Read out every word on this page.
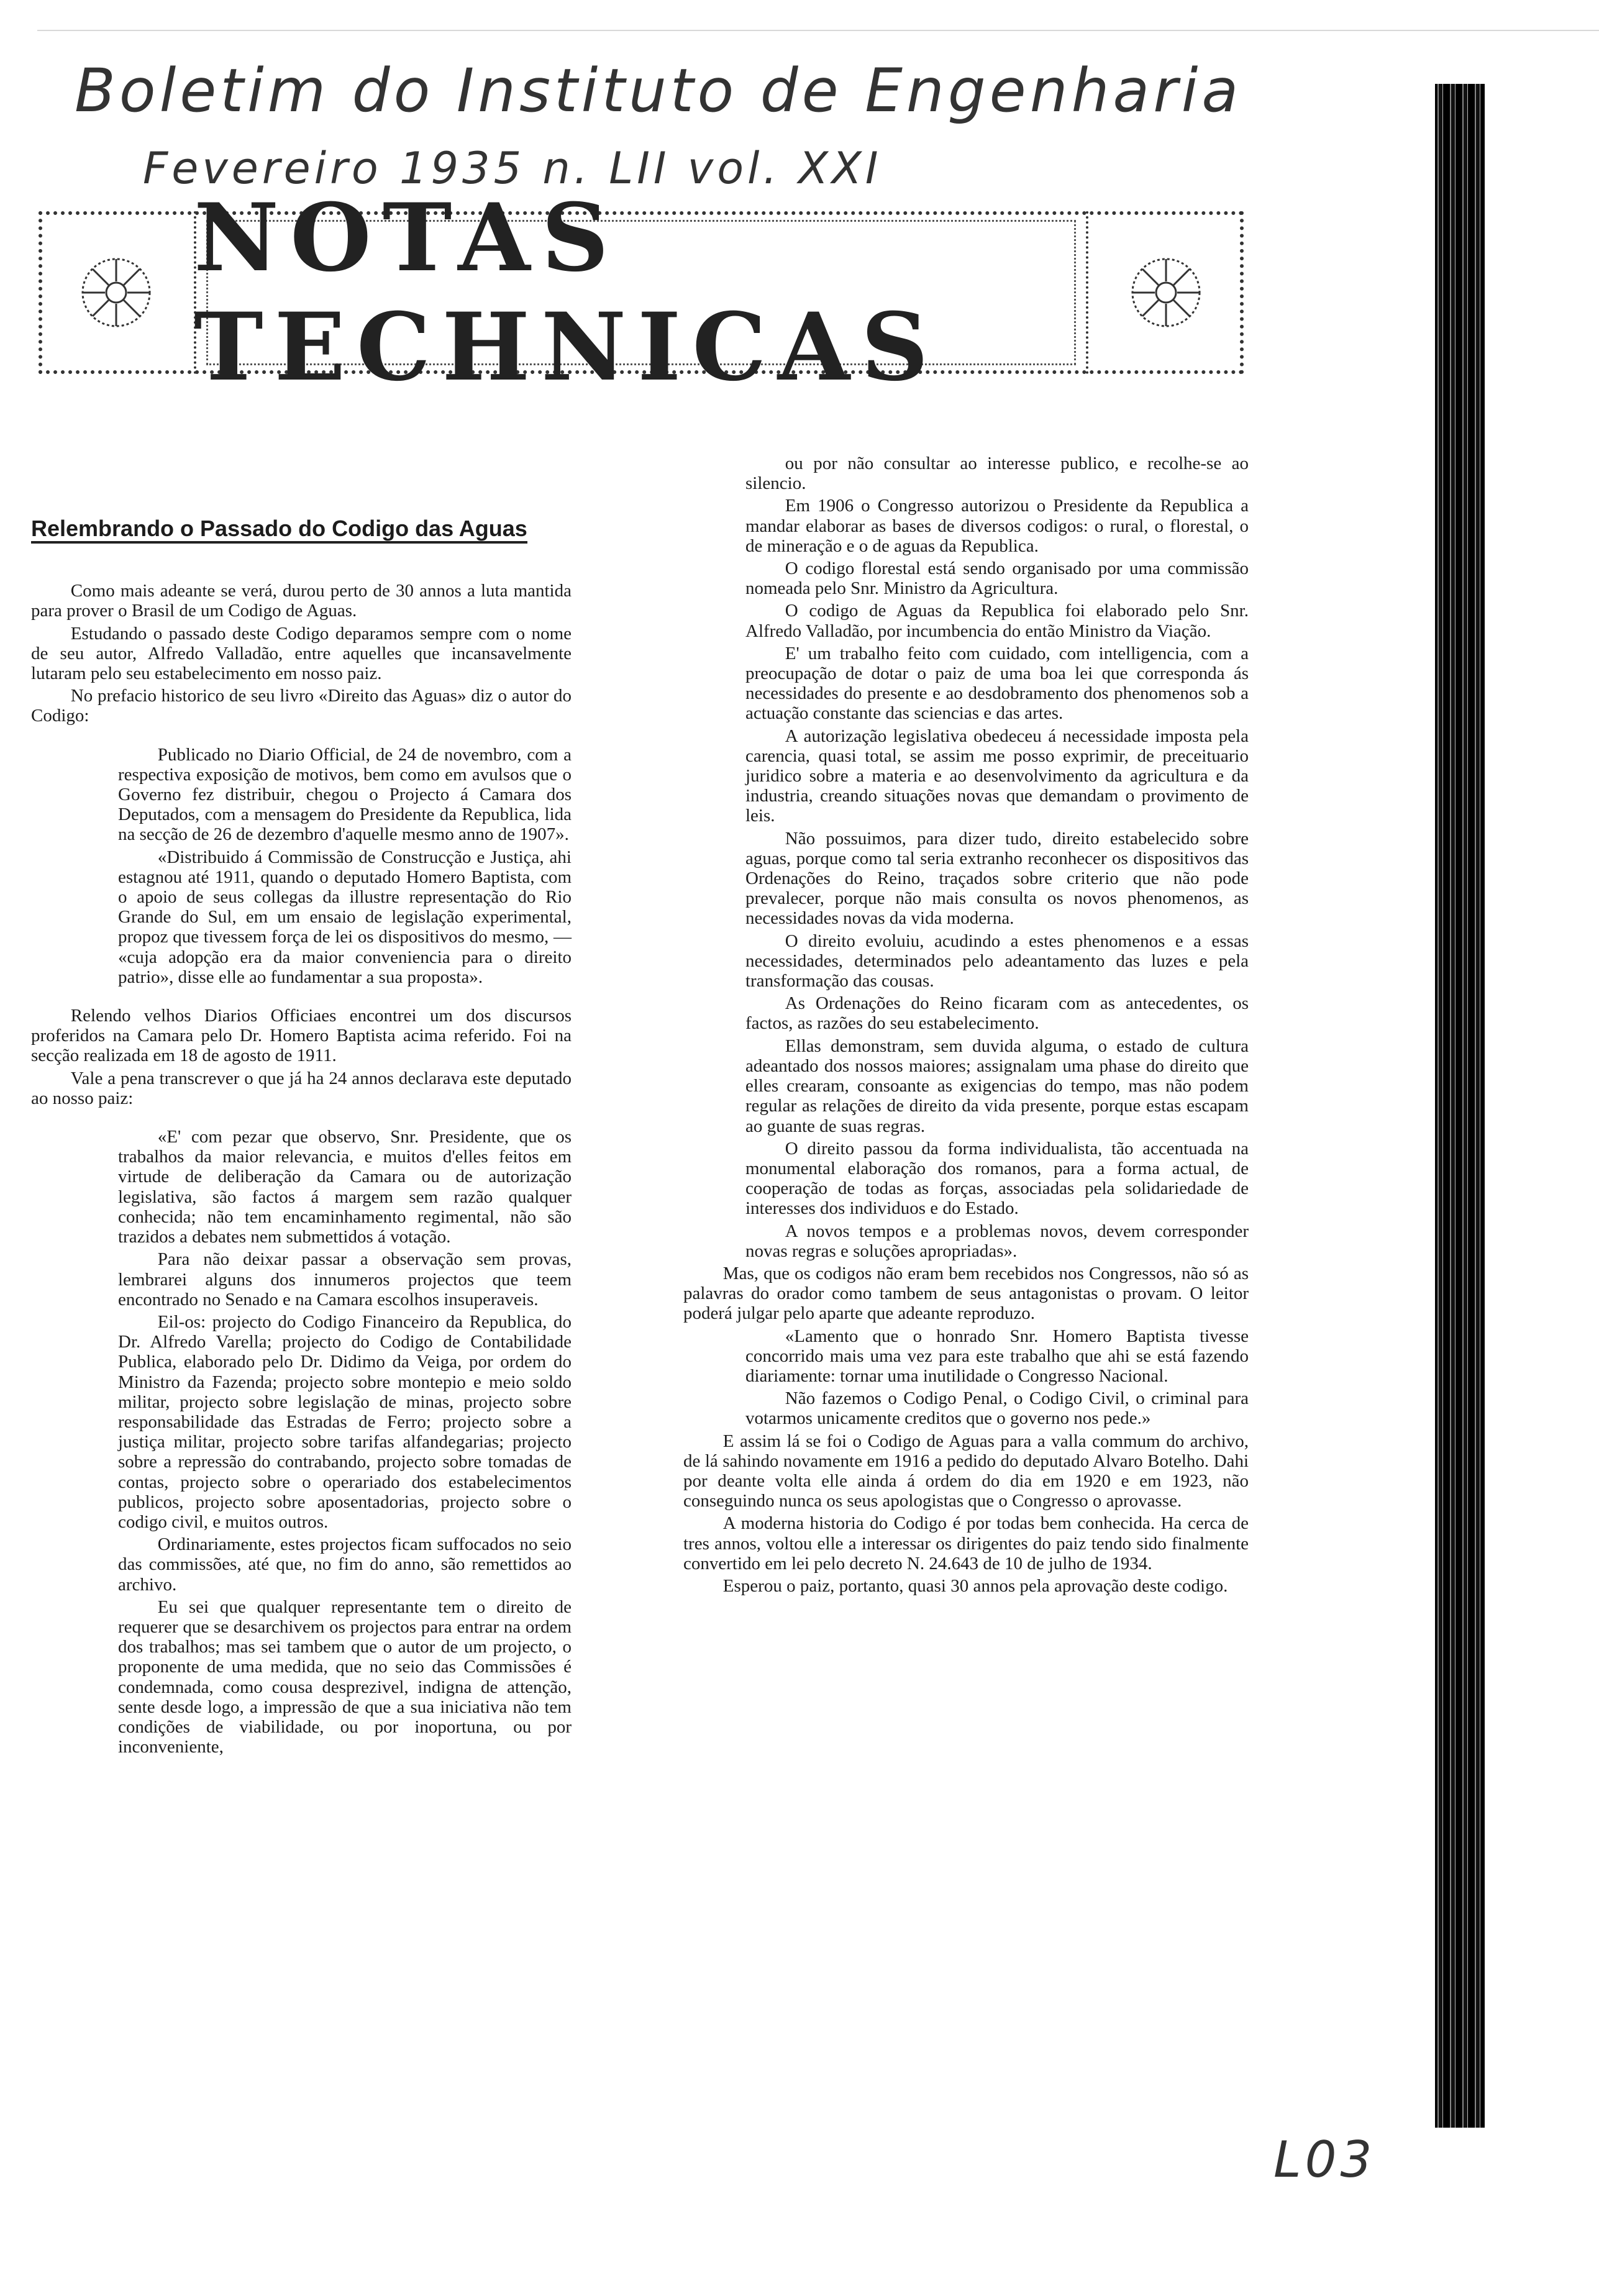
Boletim do Instituto de Engenharia
Fevereiro 1935 n. LII vol. XXI
NOTAS TECHNICAS
Relembrando o Passado do Codigo das Aguas

Como mais adeante se verá, durou perto de 30 annos a luta mantida para prover o Brasil de um Codigo de Aguas.

Estudando o passado deste Codigo deparamos sempre com o nome de seu autor, Alfredo Valladão, entre aquelles que incansavelmente lutaram pelo seu estabelecimento em nosso paiz.

No prefacio historico de seu livro «Direito das Aguas» diz o autor do Codigo:

Publicado no Diario Official, de 24 de novembro, com a respectiva exposição de motivos, bem como em avulsos que o Governo fez distribuir, chegou o Projecto á Camara dos Deputados, com a mensagem do Presidente da Republica, lida na secção de 26 de dezembro d'aquelle mesmo anno de 1907».

«Distribuido á Commissão de Construcção e Justiça, ahi estagnou até 1911, quando o deputado Homero Baptista, com o apoio de seus collegas da illustre representação do Rio Grande do Sul, em um ensaio de legislação experimental, propoz que tivessem força de lei os dispositivos do mesmo, — «cuja adopção era da maior conveniencia para o direito patrio», disse elle ao fundamentar a sua proposta».

Relendo velhos Diarios Officiaes encontrei um dos discursos proferidos na Camara pelo Dr. Homero Baptista acima referido. Foi na secção realizada em 18 de agosto de 1911.

Vale a pena transcrever o que já ha 24 annos declarava este deputado ao nosso paiz:

«E' com pezar que observo, Snr. Presidente, que os trabalhos da maior relevancia, e muitos d'elles feitos em virtude de deliberação da Camara ou de autorização legislativa, são factos á margem sem razão qualquer conhecida; não tem encaminhamento regimental, não são trazidos a debates nem submettidos á votação.

Para não deixar passar a observação sem provas, lembrarei alguns dos innumeros projectos que teem encontrado no Senado e na Camara escolhos insuperaveis.

Eil-os: projecto do Codigo Financeiro da Republica, do Dr. Alfredo Varella; projecto do Codigo de Contabilidade Publica, elaborado pelo Dr. Didimo da Veiga, por ordem do Ministro da Fazenda; projecto sobre montepio e meio soldo militar, projecto sobre legislação de minas, projecto sobre responsabilidade das Estradas de Ferro; projecto sobre a justiça militar, projecto sobre tarifas alfandegarias; projecto sobre a repressão do contrabando, projecto sobre tomadas de contas, projecto sobre o operariado dos estabelecimentos publicos, projecto sobre aposentadorias, projecto sobre o codigo civil, e muitos outros.

Ordinariamente, estes projectos ficam suffocados no seio das commissões, até que, no fim do anno, são remettidos ao archivo.

Eu sei que qualquer representante tem o direito de requerer que se desarchivem os projectos para entrar na ordem dos trabalhos; mas sei tambem que o autor de um projecto, o proponente de uma medida, que no seio das Commissões é condemnada, como cousa desprezivel, indigna de attenção, sente desde logo, a impressão de que a sua iniciativa não tem condições de viabilidade, ou por inoportuna, ou por inconveniente,

ou por não consultar ao interesse publico, e recolhe-se ao silencio.

Em 1906 o Congresso autorizou o Presidente da Republica a mandar elaborar as bases de diversos codigos: o rural, o florestal, o de mineração e o de aguas da Republica.

O codigo florestal está sendo organisado por uma commissão nomeada pelo Snr. Ministro da Agricultura.

O codigo de Aguas da Republica foi elaborado pelo Snr. Alfredo Valladão, por incumbencia do então Ministro da Viação.

E' um trabalho feito com cuidado, com intelligencia, com a preocupação de dotar o paiz de uma boa lei que corresponda ás necessidades do presente e ao desdobramento dos phenomenos sob a actuação constante das sciencias e das artes.

A autorização legislativa obedeceu á necessidade imposta pela carencia, quasi total, se assim me posso exprimir, de preceituario juridico sobre a materia e ao desenvolvimento da agricultura e da industria, creando situações novas que demandam o provimento de leis.

Não possuimos, para dizer tudo, direito estabelecido sobre aguas, porque como tal seria extranho reconhecer os dispositivos das Ordenações do Reino, traçados sobre criterio que não pode prevalecer, porque não mais consulta os novos phenomenos, as necessidades novas da vida moderna.

O direito evoluiu, acudindo a estes phenomenos e a essas necessidades, determinados pelo adeantamento das luzes e pela transformação das cousas.

As Ordenações do Reino ficaram com as antecedentes, os factos, as razões do seu estabelecimento.

Ellas demonstram, sem duvida alguma, o estado de cultura adeantado dos nossos maiores; assignalam uma phase do direito que elles crearam, consoante as exigencias do tempo, mas não podem regular as relações de direito da vida presente, porque estas escapam ao guante de suas regras.

O direito passou da forma individualista, tão accentuada na monumental elaboração dos romanos, para a forma actual, de cooperação de todas as forças, associadas pela solidariedade de interesses dos individuos e do Estado.

A novos tempos e a problemas novos, devem corresponder novas regras e soluções apropriadas».

Mas, que os codigos não eram bem recebidos nos Congressos, não só as palavras do orador como tambem de seus antagonistas o provam. O leitor poderá julgar pelo aparte que adeante reproduzo.

«Lamento que o honrado Snr. Homero Baptista tivesse concorrido mais uma vez para este trabalho que ahi se está fazendo diariamente: tornar uma inutilidade o Congresso Nacional.

Não fazemos o Codigo Penal, o Codigo Civil, o criminal para votarmos unicamente creditos que o governo nos pede.»

E assim lá se foi o Codigo de Aguas para a valla commum do archivo, de lá sahindo novamente em 1916 a pedido do deputado Alvaro Botelho. Dahi por deante volta elle ainda á ordem do dia em 1920 e em 1923, não conseguindo nunca os seus apologistas que o Congresso o aprovasse.

A moderna historia do Codigo é por todas bem conhecida. Ha cerca de tres annos, voltou elle a interessar os dirigentes do paiz tendo sido finalmente convertido em lei pelo decreto N. 24.643 de 10 de julho de 1934.

Esperou o paiz, portanto, quasi 30 annos pela aprovação deste codigo.

L03
